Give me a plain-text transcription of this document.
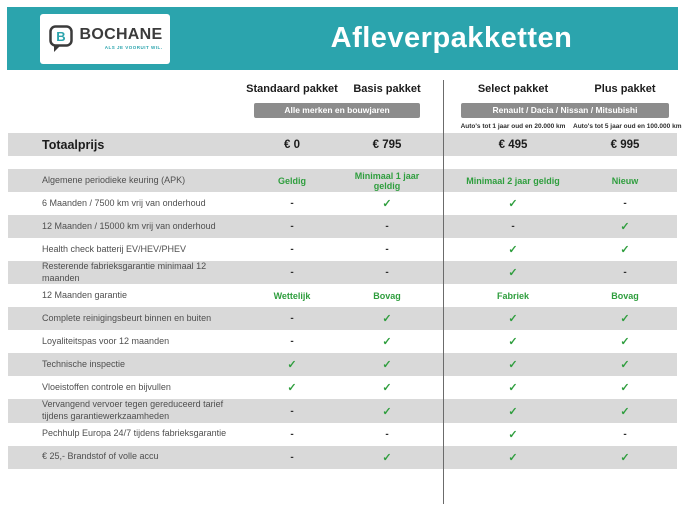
B BOCHANE
ALS JE VOORUIT WIL.	Afleverpakketten
Standaard pakket	Basis pakket	Select pakket	Plus pakket
Alle merken en bouwjaren	Renault / Dacia / Nissan / Mitsubishi
Auto's tot 1 jaar oud en 20.000 km	Auto's tot 5 jaar oud en 100.000 km
Totaalprijs	€ 0	€ 795	€ 495	€ 995
Algemene periodieke keuring (APK)	Geldig	Minimaal 1 jaar geldig	Minimaal 2 jaar geldig	Nieuw
6 Maanden / 7500 km vrij van onderhoud	-	✓	✓	-
12 Maanden / 15000 km vrij van onderhoud	-	-	-	✓
Health check batterij EV/HEV/PHEV	-	-	✓	✓
Resterende fabrieksgarantie minimaal 12 maanden	-	-	✓	-
12 Maanden garantie	Wettelijk	Bovag	Fabriek	Bovag
Complete reinigingsbeurt binnen en buiten	-	✓	✓	✓
Loyaliteitspas voor 12 maanden	-	✓	✓	✓
Technische inspectie	✓	✓	✓	✓
Vloeistoffen controle en bijvullen	✓	✓	✓	✓
Vervangend vervoer tegen gereduceerd tarief tijdens garantiewerkzaamheden	-	✓	✓	✓
Pechhulp Europa 24/7 tijdens fabrieksgarantie	-	-	✓	-
€ 25,- Brandstof of volle accu	-	✓	✓	✓
